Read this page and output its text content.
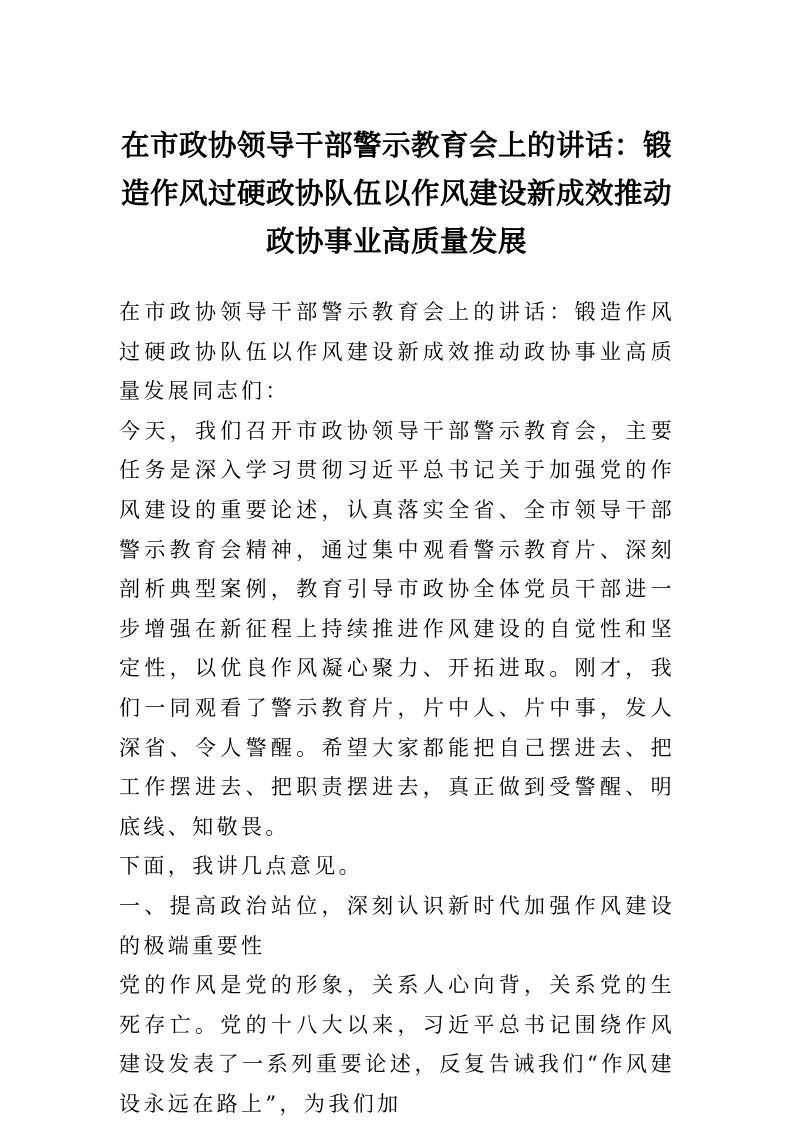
在市政协领导干部警示教育会上的讲话：锻造作风过硬政协队伍以作风建设新成效推动政协事业高质量发展

在市政协领导干部警示教育会上的讲话：锻造作风过硬政协队伍以作风建设新成效推动政协事业高质量发展同志们：

今天，我们召开市政协领导干部警示教育会，主要任务是深入学习贯彻习近平总书记关于加强党的作风建设的重要论述，认真落实全省、全市领导干部警示教育会精神，通过集中观看警示教育片、深刻剖析典型案例，教育引导市政协全体党员干部进一步增强在新征程上持续推进作风建设的自觉性和坚定性，以优良作风凝心聚力、开拓进取。刚才，我们一同观看了警示教育片，片中人、片中事，发人深省、令人警醒。希望大家都能把自己摆进去、把工作摆进去、把职责摆进去，真正做到受警醒、明底线、知敬畏。

下面，我讲几点意见。

一、提高政治站位，深刻认识新时代加强作风建设的极端重要性

党的作风是党的形象，关系人心向背，关系党的生死存亡。党的十八大以来，习近平总书记围绕作风建设发表了一系列重要论述，反复告诫我们“作风建设永远在路上”，为我们加
